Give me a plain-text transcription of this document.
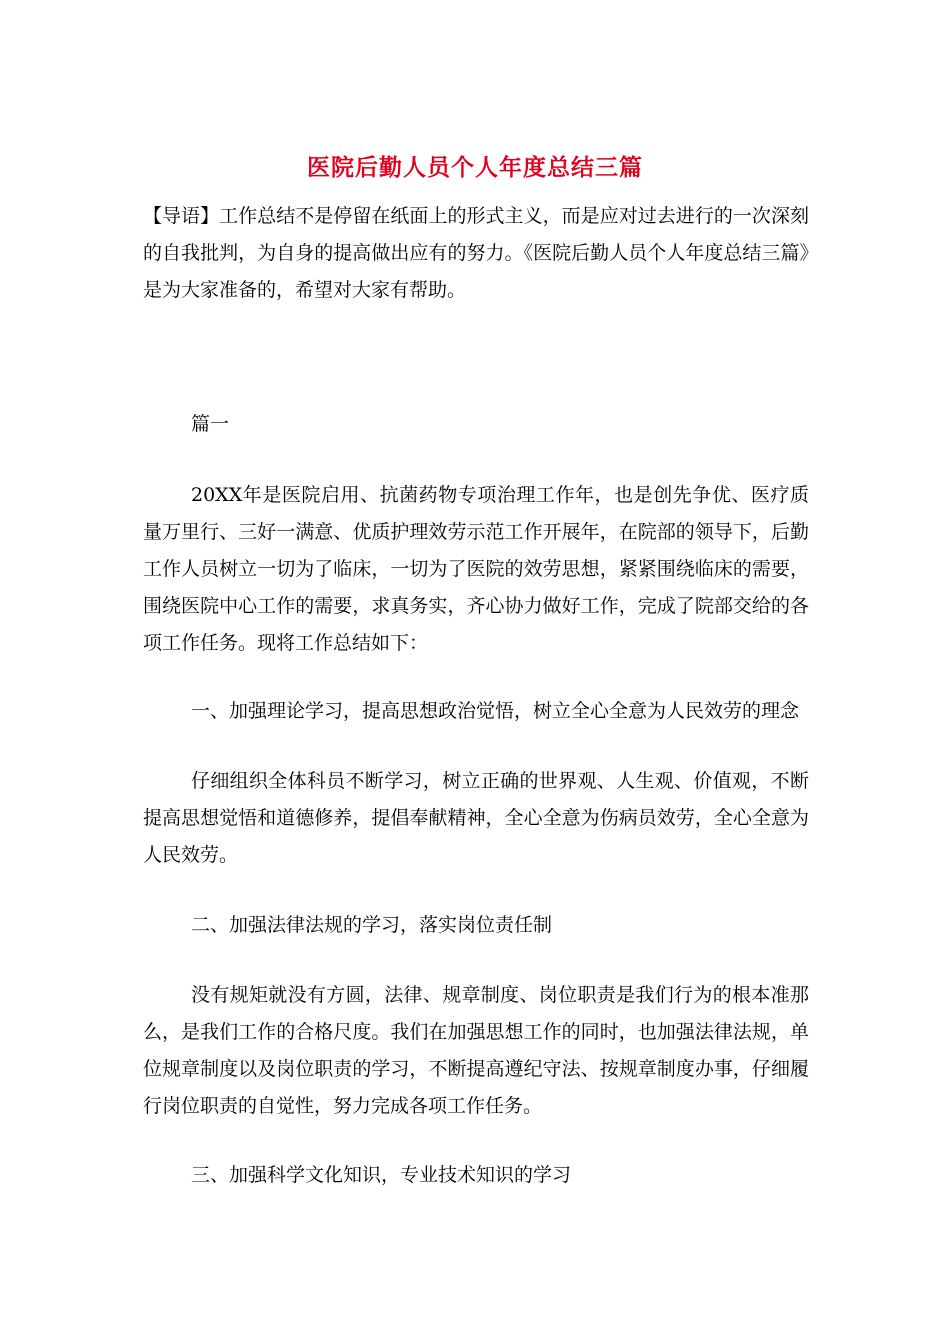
医院后勤人员个人年度总结三篇

【导语】工作总结不是停留在纸面上的形式主义，而是应对过去进行的一次深刻的自我批判，为自身的提高做出应有的努力。《医院后勤人员个人年度总结三篇》是为大家准备的，希望对大家有帮助。

篇一

20XX年是医院启用、抗菌药物专项治理工作年，也是创先争优、医疗质量万里行、三好一满意、优质护理效劳示范工作开展年，在院部的领导下，后勤工作人员树立一切为了临床，一切为了医院的效劳思想，紧紧围绕临床的需要，围绕医院中心工作的需要，求真务实，齐心协力做好工作，完成了院部交给的各项工作任务。现将工作总结如下：

一、加强理论学习，提高思想政治觉悟，树立全心全意为人民效劳的理念

仔细组织全体科员不断学习，树立正确的世界观、人生观、价值观，不断提高思想觉悟和道德修养，提倡奉献精神，全心全意为伤病员效劳，全心全意为人民效劳。

二、加强法律法规的学习，落实岗位责任制

没有规矩就没有方圆，法律、规章制度、岗位职责是我们行为的根本准那么，是我们工作的合格尺度。我们在加强思想工作的同时，也加强法律法规，单位规章制度以及岗位职责的学习，不断提高遵纪守法、按规章制度办事，仔细履行岗位职责的自觉性，努力完成各项工作任务。

三、加强科学文化知识，专业技术知识的学习
